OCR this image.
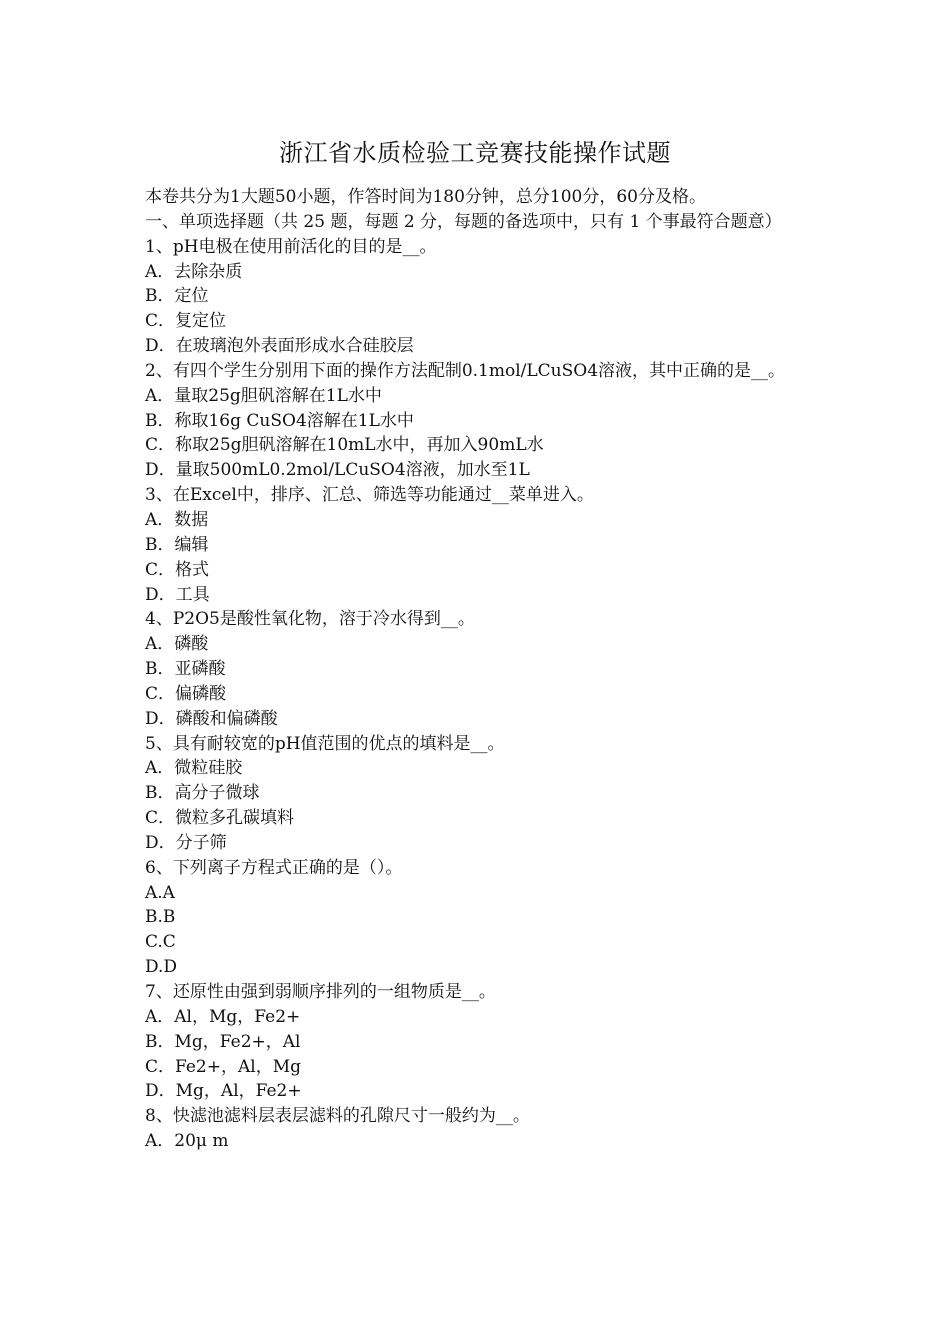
浙江省水质检验工竞赛技能操作试题
本卷共分为1大题50小题，作答时间为180分钟，总分100分，60分及格。
一、单项选择题（共 25 题，每题 2 分，每题的备选项中，只有 1 个事最符合题意）
1、pH电极在使用前活化的目的是__。
A．去除杂质
B．定位
C．复定位
D．在玻璃泡外表面形成水合硅胶层
2、有四个学生分别用下面的操作方法配制0.1mol/LCuSO4溶液，其中正确的是__。
A．量取25g胆矾溶解在1L水中
B．称取16g CuSO4溶解在1L水中
C．称取25g胆矾溶解在10mL水中，再加入90mL水
D．量取500mL0.2mol/LCuSO4溶液，加水至1L
3、在Excel中，排序、汇总、筛选等功能通过__菜单进入。
A．数据
B．编辑
C．格式
D．工具
4、P2O5是酸性氧化物，溶于冷水得到__。
A．磷酸
B．亚磷酸
C．偏磷酸
D．磷酸和偏磷酸
5、具有耐较宽的pH值范围的优点的填料是__。
A．微粒硅胶
B．高分子微球
C．微粒多孔碳填料
D．分子筛
6、下列离子方程式正确的是（）。
A.A
B.B
C.C
D.D
7、还原性由强到弱顺序排列的一组物质是__。
A．Al，Mg，Fe2+
B．Mg，Fe2+，Al
C．Fe2+，Al，Mg
D．Mg，Al，Fe2+
8、快滤池滤料层表层滤料的孔隙尺寸一般约为__。
A．20μ m
